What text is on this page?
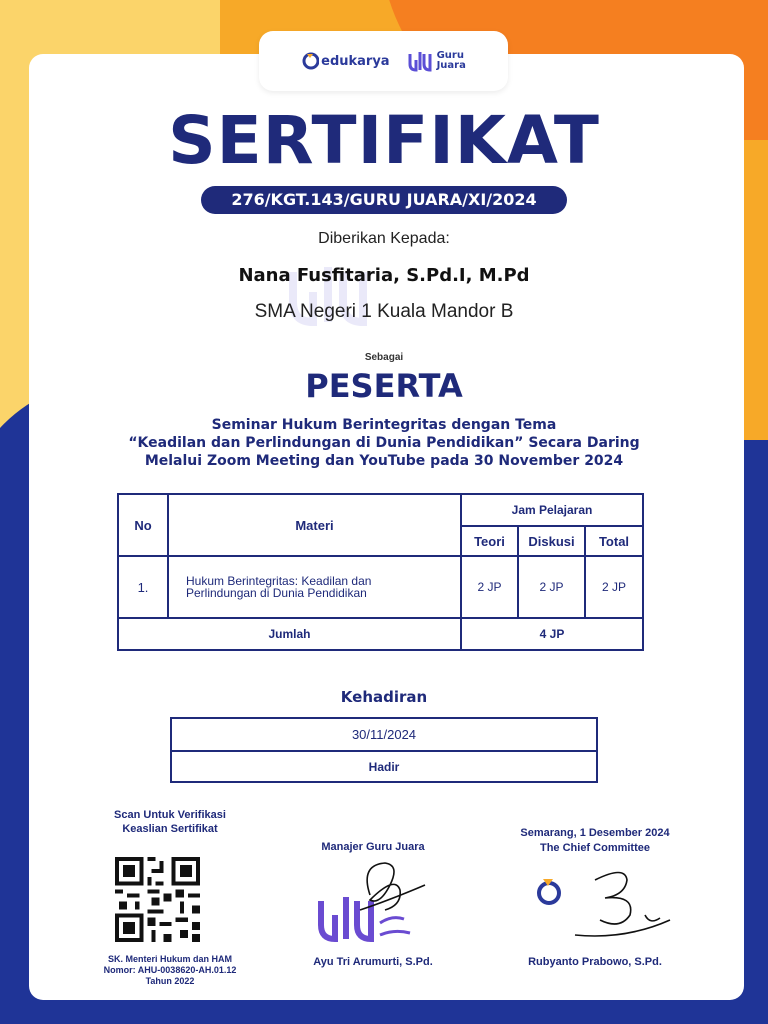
edukarya	Guru
Juara
SERTIFIKAT
276/KGT.143/GURU JUARA/XI/2024
Diberikan Kepada:
Nana Fusfitaria, S.Pd.I, M.Pd
SMA Negeri 1 Kuala Mandor B
Sebagai
PESERTA
Seminar Hukum Berintegritas dengan Tema
“Keadilan dan Perlindungan di Dunia Pendidikan” Secara Daring
Melalui Zoom Meeting dan YouTube pada 30 November 2024
No	Materi
Jam Pelajaran
Teori	Diskusi	Total
1.	Hukum Berintegritas: Keadilan dan Perlindungan di Dunia Pendidikan	2 JP	2 JP	2 JP
Jumlah	4 JP
Kehadiran
30/11/2024
Hadir
Scan Untuk Verifikasi
Keaslian Sertifikat
SK. Menteri Hukum dan HAM
Nomor: AHU-0038620-AH.01.12
Tahun 2022
Manajer Guru Juara
Ayu Tri Arumurti, S.Pd.
Semarang, 1 Desember 2024
The Chief Committee
Rubyanto Prabowo, S.Pd.
